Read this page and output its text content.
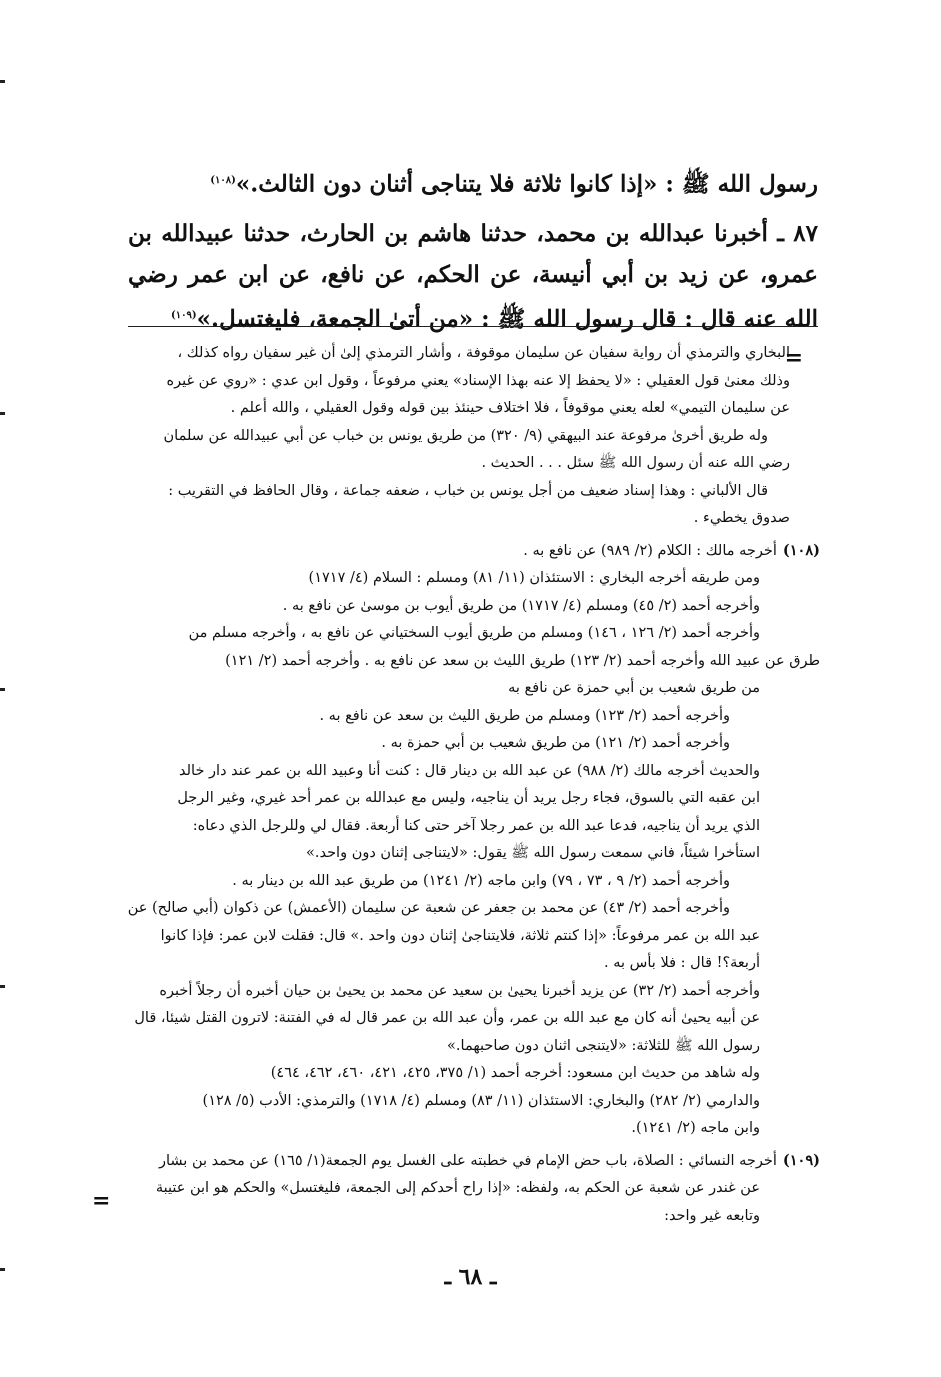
رسول الله ﷺ : «إذا كانوا ثلاثة فلا يتناجى أثنان دون الثالث.»$^{(١٠٨)}$

٨٧ ـ أخبرنا عبدالله بن محمد، حدثنا هاشم بن الحارث، حدثنا عبيدالله بن عمرو، عن زيد بن أبي أنيسة، عن الحكم، عن نافع، عن ابن عمر رضي الله عنه قال : قال رسول الله ﷺ : «من أتىٰ الجمعة، فليغتسل.»$^{(١٠٩)}$

=
البخاري والترمذي أن رواية سفيان عن سليمان موقوفة ، وأشار الترمذي إلىٰ أن غير سفيان رواه كذلك ،
وذلك معنىٰ قول العقيلي : «لا يحفظ إلا عنه بهذا الإسناد» يعني مرفوعاً ، وقول ابن عدي : «روي عن غيره
عن سليمان التيمي» لعله يعني موقوفاً ، فلا اختلاف حينئذ بين قوله وقول العقيلي ، والله أعلم .
وله طريق أخرىٰ مرفوعة عند البيهقي (٩/ ٣٢٠) من طريق يونس بن خباب عن أبي عبيدالله عن سلمان
رضي الله عنه أن رسول الله ﷺ سئل . . . الحديث .
قال الألباني : وهذا إسناد ضعيف من أجل يونس بن خباب ، ضعفه جماعة ، وقال الحافظ في التقريب :
صدوق يخطيء .
(١٠٨)أخرجه مالك : الكلام (٢/ ٩٨٩) عن نافع به .
ومن طريقه أخرجه البخاري : الاستئذان (١١/ ٨١) ومسلم : السلام (٤/ ١٧١٧)
وأخرجه أحمد (٢/ ٤٥) ومسلم (٤/ ١٧١٧) من طريق أيوب بن موسىٰ عن نافع به .
وأخرجه أحمد (٢/ ١٢٦ ، ١٤٦) ومسلم من طريق أيوب السختياني عن نافع به ، وأخرجه مسلم من
طرق عن عبيد الله وأخرجه أحمد (٢/ ١٢٣) طريق الليث بن سعد عن نافع به . وأخرجه أحمد (٢/ ١٢١)
من طريق شعيب بن أبي حمزة عن نافع به
وأخرجه أحمد (٢/ ١٢٣) ومسلم من طريق الليث بن سعد عن نافع به .
وأخرجه أحمد (٢/ ١٢١) من طريق شعيب بن أبي حمزة به .
والحديث أخرجه مالك (٢/ ٩٨٨) عن عبد الله بن دينار قال : كنت أنا وعبيد الله بن عمر عند دار خالد
ابن عقبه التي بالسوق، فجاء رجل يريد أن يناجيه، وليس مع عبدالله بن عمر أحد غيري، وغير الرجل
الذي يريد أن يناجيه، فدعا عبد الله بن عمر رجلا آخر حتى كنا أربعة. فقال لي وللرجل الذي دعاه:
استأخرا شيئاً، فاني سمعت رسول الله ﷺ يقول: «لايتناجى إثنان دون واحد.»
وأخرجه أحمد (٢/ ٩ ، ٧٣ ، ٧٩) وابن ماجه (٢/ ١٢٤١) من طريق عبد الله بن دينار به .
وأخرجه أحمد (٢/ ٤٣) عن محمد بن جعفر عن شعبة عن سليمان (الأعمش) عن ذكوان (أبي صالح) عن
عبد الله بن عمر مرفوعاً: «إذا كنتم ثلاثة، فلايتناجىٰ إثنان دون واحد .» قال: فقلت لابن عمر: فإذا كانوا
أربعة؟! قال : فلا بأس به .
وأخرجه أحمد (٢/ ٣٢) عن يزيد أخبرنا يحيىٰ بن سعيد عن محمد بن يحيىٰ بن حيان أخبره أن رجلاً أخبره
عن أبيه يحيىٰ أنه كان مع عبد الله بن عمر، وأن عبد الله بن عمر قال له في الفتنة: لاترون القتل شيئا، قال
رسول الله ﷺ للثلاثة: «لايتنجى اثنان دون صاحبهما.»
وله شاهد من حديث ابن مسعود: أخرجه أحمد (١/ ٣٧٥، ٤٢٥، ٤٢١، ٤٦٠، ٤٦٢، ٤٦٤)
والدارمي (٢/ ٢٨٢) والبخاري: الاستئذان (١١/ ٨٣) ومسلم (٤/ ١٧١٨) والترمذي: الأدب (٥/ ١٢٨)
وابن ماجه (٢/ ١٢٤١).
(١٠٩)أخرجه النسائي : الصلاة، باب حض الإمام في خطبته على الغسل يوم الجمعة(١/ ١٦٥) عن محمد بن بشار
عن غندر عن شعبة عن الحكم به، ولفظه: «إذا راح أحدكم إلى الجمعة، فليغتسل» والحكم هو ابن عتيبة
وتابعه غير واحد:
=
ـ ٦٨ ـ
